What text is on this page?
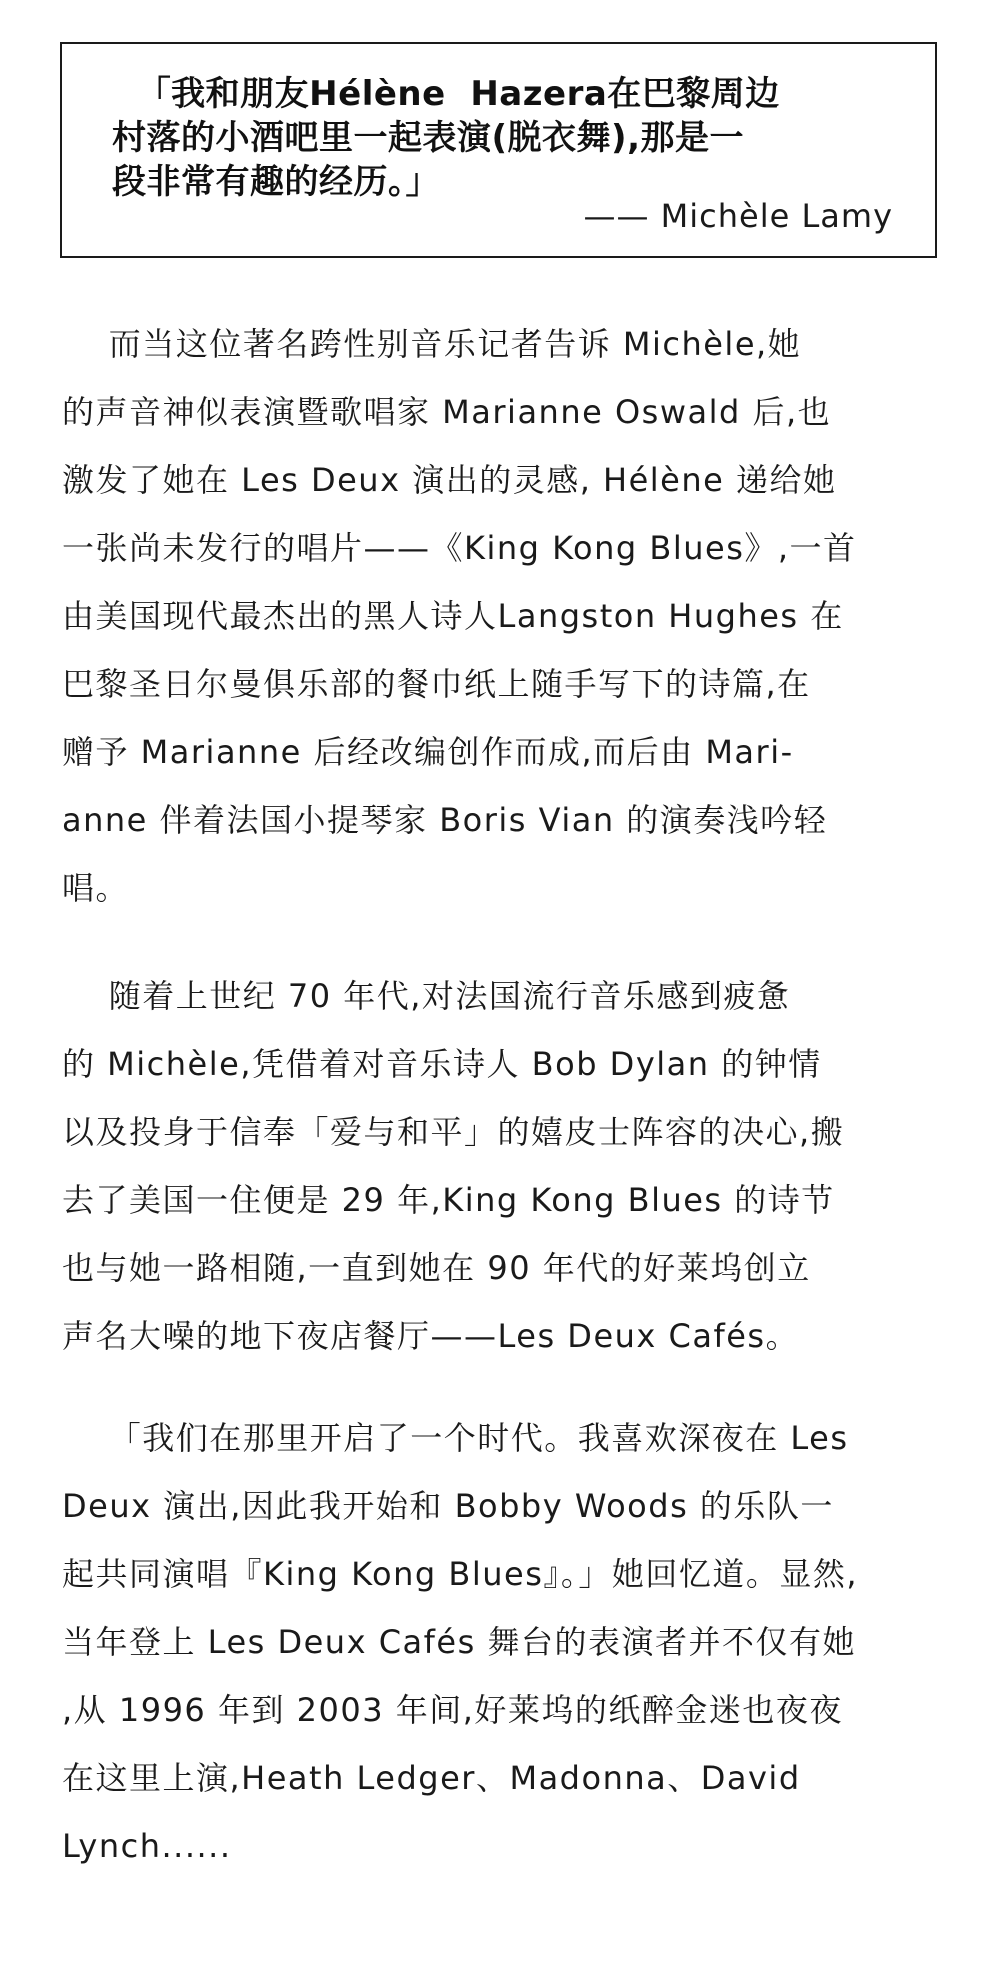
「我和朋友Hélène  Hazera在巴黎周边
村落的小酒吧里一起表演(脱衣舞),那是一
段非常有趣的经历。」

—— Michèle Lamy

而当这位著名跨性别音乐记者告诉 Michèle,她
的声音神似表演暨歌唱家 Marianne Oswald 后,也
激发了她在 Les Deux 演出的灵感, Hélène 递给她
一张尚未发行的唱片——《King Kong Blues》,一首
由美国现代最杰出的黑人诗人Langston Hughes 在
巴黎圣日尔曼俱乐部的餐巾纸上随手写下的诗篇,在
赠予 Marianne 后经改编创作而成,而后由 Mari-
anne 伴着法国小提琴家 Boris Vian 的演奏浅吟轻
唱。

随着上世纪 70 年代,对法国流行音乐感到疲惫
的 Michèle,凭借着对音乐诗人 Bob Dylan 的钟情
以及投身于信奉「爱与和平」的嬉皮士阵容的决心,搬
去了美国一住便是 29 年,King Kong Blues 的诗节
也与她一路相随,一直到她在 90 年代的好莱坞创立
声名大噪的地下夜店餐厅——Les Deux Cafés。

「我们在那里开启了一个时代。我喜欢深夜在 Les
Deux 演出,因此我开始和 Bobby Woods 的乐队一
起共同演唱『King Kong Blues』。」她回忆道。显然,
当年登上 Les Deux Cafés 舞台的表演者并不仅有她
,从 1996 年到 2003 年间,好莱坞的纸醉金迷也夜夜
在这里上演,Heath Ledger、Madonna、David
Lynch......
